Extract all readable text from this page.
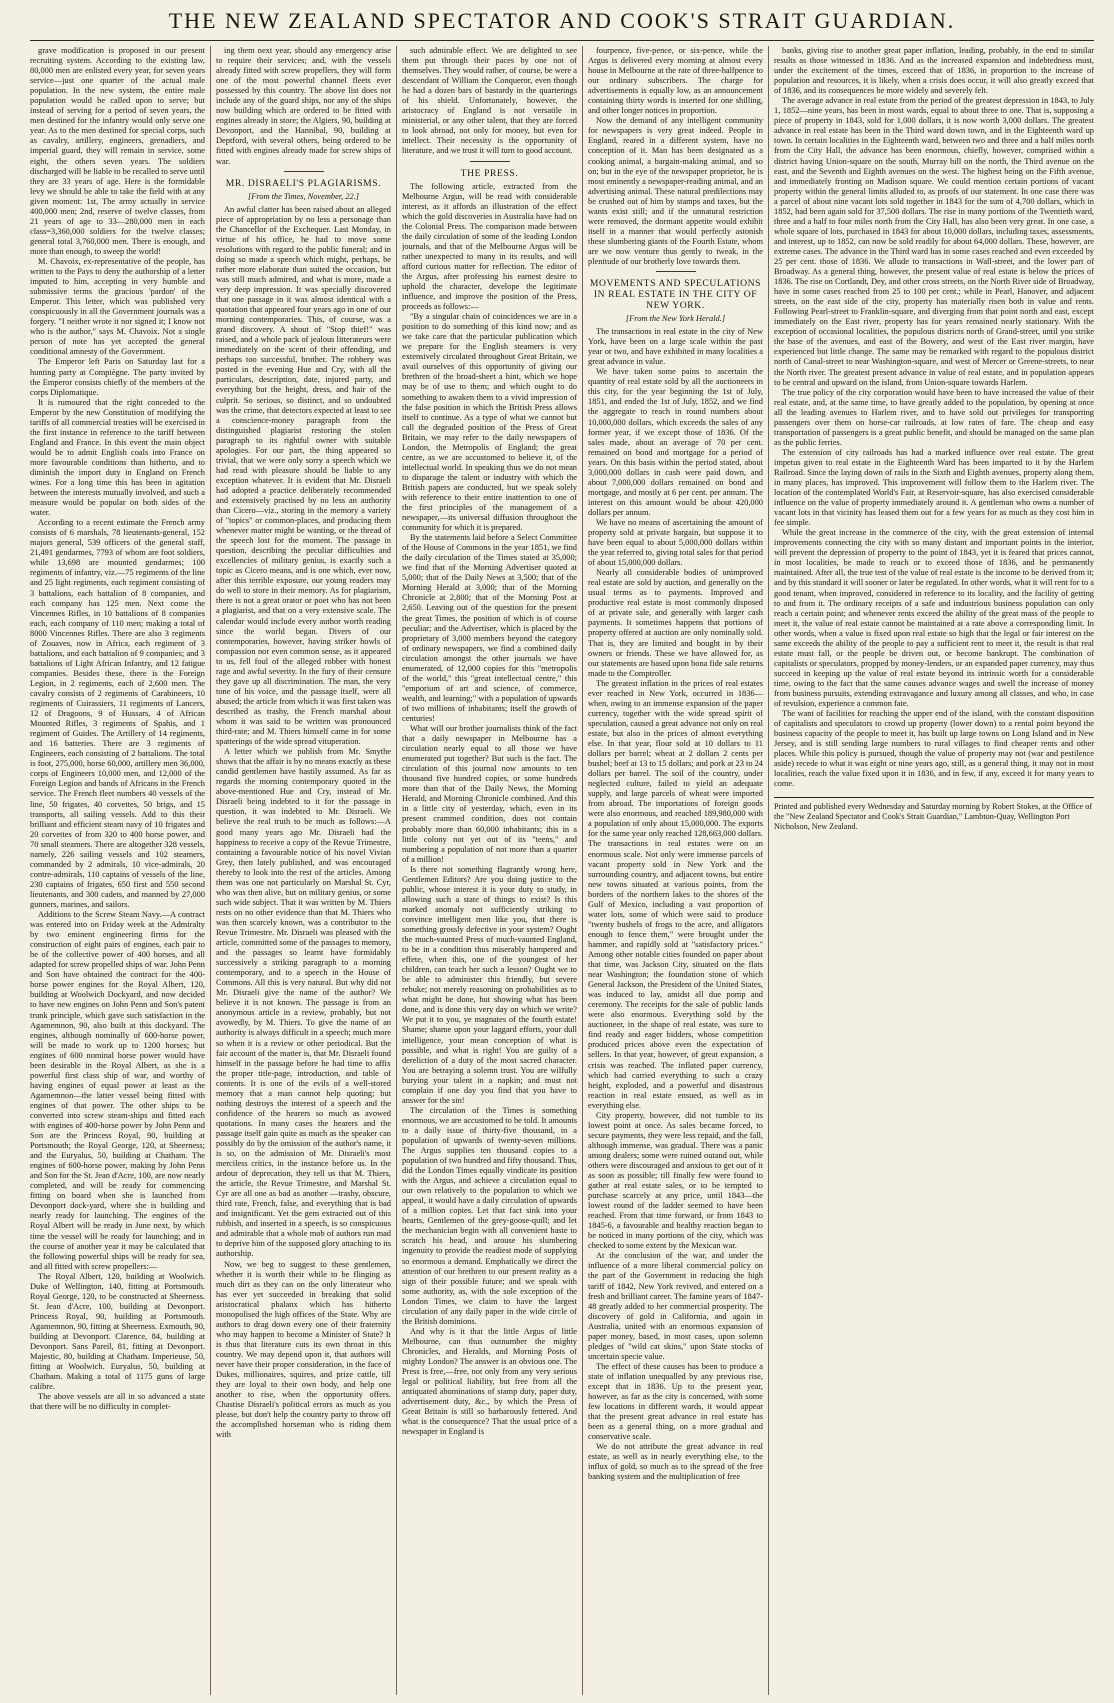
THE NEW ZEALAND SPECTATOR AND COOK'S STRAIT GUARDIAN.

grave modification is proposed in our present recruiting system. According to the existing law, 80,000 men are enlisted every year, for seven years service—just one quarter of the actual male population. In the new system, the entire male population would be called upon to serve; but instead of serving for a period of seven years, the men destined for the infantry would only serve one year. As to the men destined for special corps, such as cavalry, artillery, engineers, grenadiers, and imperial guard, they will remain in service, some eight, the others seven years. The soldiers discharged will be liable to be recalled to serve until they are 33 years of age. Here is the formidable levy we should be able to take the field with at any given moment: 1st, The army actually in service 400,000 men; 2nd, reserve of twelve classes, from 21 years of age to 33—280,000 men in each class=3,360,000 soldiers for the twelve classes; general total 3,760,000 men. There is enough, and more than enough, to sweep the world!

M. Chavoix, ex-representative of the people, has written to the Pays to deny the authorship of a letter imputed to him, accepting in very humble and submissive terms the gracious 'pardon' of the Emperor. This letter, which was published very conspicuously in all the Government journals was a forgery. "I neither wrote it nor signed it; I know not who is the author," says M. Chavoix. Not a single person of note has yet accepted the general conditional amnesty of the Government.

The Emperor left Paris on Saturday last for a hunting party at Compiègne. The party invited by the Emperor consists chiefly of the members of the corps Diplomatique.

It is rumoured that the right conceded to the Emperor by the new Constitution of modifying the tariffs of all commercial treaties will be exercised in the first instance in reference to the tariff between England and France. In this event the main object would be to admit English coals into France on more favourable conditions than hitherto, and to diminish the import duty in England on French wines. For a long time this has been in agitation between the interests mutually involved, and such a measure would be popular on both sides of the water.

According to a recent estimate the French army consists of 6 marshals, 78 lieutenants-general, 152 majors general, 539 officers of the general staff, 21,491 gendarmes, 7793 of whom are foot soldiers, while 13,698 are mounted gendarmes; 100 regiments of infantry, viz.—75 regiments of the line and 25 light regiments, each regiment consisting of 3 battalions, each battalion of 8 companies, and each company has 125 men. Next come the Vincennes Rifles, in 10 battalions of 8 companies each, each company of 110 men; making a total of 8000 Vincennes Rifles. There are also 3 regiments of Zouaves, now in Africa, each regiment of 3 battalions, and each battalion of 9 companies; and 3 battalions of Light African Infantry, and 12 fatigue companies. Besides these, there is the Foreign Legion, in 2 regiments, each of 2,600 men. The cavalry consists of 2 regiments of Carabineers, 10 regiments of Cuirassiers, 11 regiments of Lancers, 12 of Dragoons, 9 of Hussars, 4 of African Mounted Rifles, 3 regiments of Spahis, and 1 regiment of Guides. The Artillery of 14 regiments, and 16 batteries. There are 3 regiments of Engineers, each consisting of 2 battalions. The total is foot, 275,000, horse 60,000, artillery men 36,000, corps of Engineers 10,000 men, and 12,000 of the Foreign Legion and bands of Africans in the French service. The French fleet numbers 40 vessels of the line, 50 frigates, 40 corvettes, 50 brigs, and 15 transports, all sailing vessels. Add to this their brilliant and efficient steam navy of 10 frigates and 20 corvettes of from 320 to 400 horse power, and 70 small steamers. There are altogether 328 vessels, namely, 226 sailing vessels and 102 steamers, commanded by 2 admirals, 10 vice-admirals, 20 contre-admirals, 110 captains of vessels of the line, 230 captains of frigates, 650 first and 550 second lieutenants, and 300 cadets, and manned by 27,000 gunners, marines, and sailors.

Additions to the Screw Steam Navy.—A contract was entered into on Friday week at the Admiralty by two eminent engineering firms for the construction of eight pairs of engines, each pair to be of the collective power of 400 horses, and all adapted for screw propelled ships of war. John Penn and Son have obtained the contract for the 400-horse power engines for the Royal Albert, 120, building at Woolwich Dockyard, and now decided to have new engines on John Penn and Son's patent trunk principle, which gave such satisfaction in the Agamemnon, 90, also built at this dockyard. The engines, although nominally of 600-horse power, will be made to work up to 1200 horses; but engines of 600 nominal horse power would have been desirable in the Royal Albert, as she is a powerful first class ship of war, and worthy of having engines of equal power at least as the Agamemnon—the latter vessel being fitted with engines of that power. The other ships to be converted into screw steam-ships and fitted each with engines of 400-horse power by John Penn and Son are the Princess Royal, 90, building at Portsmouth; the Royal George, 120, at Sheerness; and the Euryalus, 50, building at Chatham. The engines of 600-horse power, making by John Penn and Son for the St. Jean d'Acre, 100, are now nearly completed, and will be ready for commencing fitting on board when she is launched from Devonport dock-yard, where she is building and nearly ready for launching. The engines of the Royal Albert will be ready in June next, by which time the vessel will be ready for launching; and in the course of another year it may be calculated that the following powerful ships will be ready for sea, and all fitted with screw propellers:—

The Royal Albert, 120, building at Woolwich. Duke of Wellington, 140, fitting at Portsmouth. Royal George, 120, to be constructed at Sheerness. St. Jean d'Acre, 100, building at Devonport. Princess Royal, 90, building at Portsmouth. Agamemnon, 90, fitting at Sheerness. Exmouth, 90, building at Devonport. Clarence, 84, building at Devonport. Sans Pareil, 81, fitting at Devonport. Majestic, 80, building at Chatham. Imperieuse, 50, fitting at Woolwich. Euryalus, 50, building at Chatham. Making a total of 1175 guns of large calibre.

The above vessels are all in so advanced a state that there will be no difficulty in complet-

ing them next year, should any emergency arise to require their services; and, with the vessels already fitted with screw propellers, they will form one of the most powerful channel fleets ever possessed by this country. The above list does not include any of the guard ships, nor any of the ships now building which are ordered to be fitted with engines already in store; the Algiers, 90, building at Devonport, and the Hannibal, 90, building at Deptford, with several others, being ordered to be fitted with engines already made for screw ships of war.

MR. DISRAELI'S PLAGIARISMS.

[From the Times, November, 22.]

An awful clatter has been raised about an alleged piece of appropriation by no less a personage than the Chancellor of the Exchequer. Last Monday, in virtue of his office, he had to move some resolutions with regard to the public funeral; and in doing so made a speech which might, perhaps, be rather more elaborate than suited the occasion, but was still much admired, and what is more, made a very deep impression. It was specially discovered that one passage in it was almost identical with a quotation that appeared four years ago in one of our morning contemporaries. This, of course, was a grand discovery. A shout of "Stop thief!" was raised, and a whole pack of jealous litterateurs were immediately on the scent of their offending, and perhaps too successful, brother. The robbery was posted in the evening Hue and Cry, with all the particulars, description, date, injured party, and everything but the height, dress, and hair of the culprit. So serious, so distinct, and so undoubted was the crime, that detectors expected at least to see a conscience-money paragraph from the distinguished plagiarist restoring the stolen paragraph to its rightful owner with suitable apologies. For our part, the thing appeared so trivial, that we were only sorry a speech which we had read with pleasure should be liable to any exception whatever. It is evident that Mr. Disraeli had adopted a practice deliberately recommended and extensively practised by no less an authority than Cicero—viz., storing in the memory a variety of "topics" or common-places, and producing them whenever matter might be wanting, or the thread of the speech lost for the moment. The passage in question, describing the peculiar difficulties and excellencies of military genius, is exactly such a topic as Cicero means, and is one which, ever now, after this terrible exposure, our young readers may do well to store in their memory. As for plagiarism, there is not a great orator or poet who has not been a plagiarist, and that on a very extensive scale. The calendar would include every author worth reading since the world began. Divers of our contemporaries, however, having striker howls of compassion nor even common sense, as it appeared to us, fell foul of the alleged robber with honest rage and awful severity. In the fury of their censure they gave up all discrimination. The man, the very tone of his voice, and the passage itself, were all abused; the article from which it was first taken was described as trashy, the French marshal about whom it was said to be written was pronounced third-rate; and M. Thiers himself came in for some spatterings of the wide spread vituperation.

A letter which we publish from Mr. Smythe shows that the affair is by no means exactly as these candid gentlemen have hastily assumed. As far as regards the morning contemporary quoted in the above-mentioned Hue and Cry, instead of Mr. Disraeli being indebted to it for the passage in question, it was indebted to Mr. Disraeli. We believe the real truth to be much as follows:—A good many years ago Mr. Disraeli had the happiness to receive a copy of the Revue Trimestre, containing a favourable notice of his novel Vivian Grey, then lately published, and was encouraged thereby to look into the rest of the articles. Among them was one not particularly on Marshal St. Cyr, who was then alive, but on military genius, or some such wide subject. That it was written by M. Thiers rests on no other evidence than that M. Thiers who was then scarcely known, was a contributor to the Revue Trimestre. Mr. Disraeli was pleased with the article, committed some of the passages to memory, and the passages so learnt have formidably successively a striking paragraph to a morning contemporary, and to a speech in the House of Commons. All this is very natural. But why did not Mr. Disraeli give the name of the author? We believe it is not known. The passage is from an anonymous article in a review, probably, but not avowedly, by M. Thiers. To give the name of an authority is always difficult in a speech; much more so when it is a review or other periodical. But the fair account of the matter is, that Mr. Disraeli found himself in the passage before he had time to affix the proper title-page, introduction, and table of contents. It is one of the evils of a well-stored memory that a man cannot help quoting; but nothing destroys the interest of a speech and the confidence of the hearers so much as avowed quotations. In many cases the hearers and the passage itself gain quite as much as the speaker can possibly do by the omission of the author's name, it is so, on the admission of Mr. Disraeli's most merciless critics, in the instance before us. In the ardour of deprecation, they tell us that M. Thiers, the article, the Revue Trimestre, and Marshal St. Cyr are all one as bad as another —trashy, obscure, third rate, French, false, and everything that is bad and insignificant. Yet the gem extracted out of this rubbish, and inserted in a speech, is so conspicuous and admirable that a whole mob of authors run mad to deprive him of the supposed glory attaching to its authorship.

Now, we beg to suggest to these gentlemen, whether it is worth their while to be flinging as much dirt as they can on the only litterateur who has ever yet succeeded in breaking that solid aristocratical phalanx which has hitherto monopolised the high offices of the State. Why are authors to drag down every one of their fraternity who may happen to become a Minister of State? It is thus that literature cuts its own throat in this country. We may depend upon it, that authors will never have their proper consideration, in the face of Dukes, millionaires, squires, and prize cattle, till they are loyal to their own body, and help one another to rise, when the opportunity offers. Chastise Disraeli's political errors as much as you please, but don't help the country party to throw off the accomplished horseman who is riding them with

such admirable effect. We are delighted to see them put through their paces by one not of themselves. They would rather, of course, be were a descendant of William the Conqueror, even though he had a dozen bars of bastardy in the quarterings of his shield. Unfortunately, however, the aristocracy of England is not versatile in ministerial, or any other talent, that they are forced to look abroad, not only for money, but even for intellect. Their necessity is the opportunity of literature, and we trust it will turn to good account.

THE PRESS.

The following article, extracted from the Melbourne Argus, will be read with considerable interest, as it affords an illustration of the effect which the gold discoveries in Australia have had on the Colonial Press. The comparison made between the daily circulation of some of the leading London journals, and that of the Melbourne Argus will be rather unexpected to many in its results, and will afford curious matter for reflection. The editor of the Argus, after professing his earnest desire to uphold the character, develope the legitimate influence, and improve the position of the Press, proceeds as follows:—

"By a singular chain of coincidences we are in a position to do something of this kind now; and as we take care that the particular publication which we prepare for the English steamers is very extensively circulated throughout Great Britain, we avail ourselves of this opportunity of giving our brethren of the broad-sheet a hint, which we hope may be of use to them; and which ought to do something to awaken them to a vivid impression of the false position in which the British Press allows itself to continue. As a type of what we cannot but call the degraded position of the Press of Great Britain, we may refer to the daily newspapers of London, the Metropolis of England; the great centre, as we are accustomed to believe it, of the intellectual world. In speaking thus we do not mean to disparage the talent or industry with which the British papers are conducted, but we speak solely with reference to their entire inattention to one of the first principles of the management of a newspaper,—its universal diffusion throughout the community for which it is prepared.

By the statements laid before a Select Committee of the House of Commons in the year 1851, we find the daily circulation of the Times stated at 35,000; we find that of the Morning Advertiser quoted at 5,000; that of the Daily News at 3,500; that of the Morning Herald at 3,000; that of the Morning Chronicle at 2,800; that of the Morning Post at 2,650. Leaving out of the question for the present the great Times, the position of which is of course peculiar; and the Advertiser, which is placed by the proprietary of 3,000 members beyond the category of ordinary newspapers, we find a combined daily circulation amongst the other journals we have enumerated, of 12,000 copies for this "metropolis of the world," this "great intellectual centre," this "emporium of art and science, of commerce, wealth, and learning;" with a population of upwards of two millions of inhabitants; itself the growth of centuries!

What will our brother journalists think of the fact that a daily newspaper in Melbourne has a circulation nearly equal to all those we have enumerated put together? But such is the fact. The circulation of this journal now amounts to ten thousand five hundred copies, or some hundreds more than that of the Daily News, the Morning Herald, and Morning Chronicle combined. And this in a little city of yesterday, which, even in its present crammed condition, does not contain probably more than 60,000 inhabitants; this in a little colony not yet out of its "teens," and numbering a population of not more than a quarter of a million!

Is there not something flagrantly wrong here, Gentlemen Editors? Are you doing justice to the public, whose interest it is your duty to study, in allowing such a state of things to exist? Is this marked anomaly not sufficiently striking to convince intelligent men like you, that there is something grossly defective in your system? Ought the much-vaunted Press of much-vaunted England, to be in a condition thus miserably hampered and effete, when this, one of the youngest of her children, can teach her such a lesson? Ought we to be able to administer this friendly, but severe rebuke; not merely reasoning on probabilities as to what might be done, but showing what has been done, and is done this very day on which we write? We put it to you, ye magnates of the fourth estate! Shame; shame upon your laggard efforts, your dull intelligence, your mean conception of what is possible, and what is right! You are guilty of a dereliction of a duty of the most sacred character. You are betraying a solemn trust. You are wilfully burying your talent in a napkin; and must not complain if one day you find that you have to answer for the sin!

The circulation of the Times is something enormous, we are accustomed to be told. It amounts to a daily issue of thirty-five thousand, in a population of upwards of twenty-seven millions. The Argus supplies ten thousand copies to a population of two hundred and fifty thousand. Thus, did the London Times equally vindicate its position with the Argus, and achieve a circulation equal to our own relatively to the population to which we appeal, it would have a daily circulation of upwards of a million copies. Let that fact sink into your hearts, Gentlemen of the grey-goose-quill; and let the mechanician begin with all convenient haste to scratch his head, and arouse his slumbering ingenuity to provide the readiest mode of supplying so enormous a demand. Emphatically we direct the attention of our brethren to our present reality as a sign of their possible future; and we speak with some authority, as, with the sole exception of the London Times, we claim to have the largest circulation of any daily paper in the wide circle of the British dominions.

And why is it that the little Argus of little Melbourne, can thus outnumber the mighty Chronicles, and Heralds, and Morning Posts of mighty London? The answer is an obvious one. The Press is free,—free, not only from any very serious legal or political liability, but free from all the antiquated abominations of stamp duty, paper duty, advertisement duty, &c., by which the Press of Great Britain is still so barbarously fettered. And what is the consequence? That the usual price of a newspaper in England is

fourpence, five-pence, or six-pence, while the Argus is delivered every morning at almost every house in Melbourne at the rate of three-halfpence to our ordinary subscribers. The charge for advertisements is equally low, as an announcement containing thirty words is inserted for one shilling, and other longer notices in proportion.

Now the demand of any intelligent community for newspapers is very great indeed. People in England, reared in a different system, have no conception of it. Man has been designated as a cooking animal, a bargain-making animal, and so on; but in the eye of the newspaper proprietor, he is most eminently a newspaper-reading animal, and an advertising animal. These natural predilections may be crushed out of him by stamps and taxes, but the wants exist still; and if the unnatural restriction were removed, the dormant appetite would exhibit itself in a manner that would perfectly astonish these slumbering giants of the Fourth Estate, whom are we now venture thus gently to tweak, in the plenitude of our brotherly love towards them.

MOVEMENTS AND SPECULATIONS IN REAL ESTATE IN THE CITY OF NEW YORK.

[From the New York Herald.]

The transactions in real estate in the city of New York, have been on a large scale within the past year or two, and have exhibited in many localities a great advance in value.

We have taken some pains to ascertain the quantity of real estate sold by all the auctioneers in this city, for the year beginning the 1st of July, 1851, and ended the 1st of July, 1852, and we find the aggregate to reach in round numbers about 10,000,000 dollars, which exceeds the sales of any former year, if we except those of 1836. Of the sales made, about an average of 70 per cent. remained on bond and mortgage for a period of years. On this basis within the period stated, about 3,000,000 dollars in cash were paid down, and about 7,000,000 dollars remained on bond and mortgage, and mostly at 6 per cent. per annum. The interest on this amount would be about 420,000 dollars per annum.

We have no means of ascertaining the amount of property sold at private bargain, but suppose it to have been equal to about 5,000,000 dollars within the year referred to, giving total sales for that period of about 15,000,000 dollars.

Nearly all considerable bodies of unimproved real estate are sold by auction, and generally on the usual terms as to payments. Improved and productive real estate is most commonly disposed of at private sale, and generally with larger cash payments. It sometimes happens that portions of property offered at auction are only nominally sold. That is, they are limited and bought in by their owners or friends. These we have allowed for, as our statements are based upon bona fide sale returns made to the Comptroller.

The greatest inflation in the prices of real estates ever reached in New York, occurred in 1836—when, owing to an immense expansion of the paper currency, together with the wide spread spirit of speculation, caused a great advance not only on real estate, but also in the prices of almost everything else. In that year, flour sold at 10 dollars to 11 dollars per barrel; wheat at 2 dollars 2 cents per bushel; beef at 13 to 15 dollars; and pork at 23 to 24 dollars per barrel. The soil of the country, under neglected culture, failed to yield an adequate supply, and large parcels of wheat were imported from abroad. The importations of foreign goods were also enormous, and reached 189,980,000 with a population of only about 15,000,000. The exports for the same year only reached 128,663,000 dollars. The transactions in real estates were on an enormous scale. Not only were immense parcels of vacant property sold in New York and the surrounding country, and adjacent towns, but entire new towns situated at various points, from the borders of the northern lakes to the shores of the Gulf of Mexico, including a vast proportion of water lots, some of which were said to produce "twenty bushels of frogs to the acre, and alligators enough to fence them," were brought under the hammer, and rapidly sold at "satisfactory prices." Among other notable cities founded on paper about that time, was Jackson City, situated on the flats near Washington; the foundation stone of which General Jackson, the President of the United States, was induced to lay, amidst all due pomp and ceremony. The receipts for the sale of public lands were also enormous. Everything sold by the auctioneer, in the shape of real estate, was sure to find ready and eager bidders, whose competition produced prices above even the expectation of sellers. In that year, however, of great expansion, a crisis was reached. The inflated paper currency, which had carried everything to such a crazy height, exploded, and a powerful and disastrous reaction in real estate ensued, as well as in everything else.

City property, however, did not tumble to its lowest point at once. As sales became forced, to secure payments, they were less repaid, and the fall, although immense, was gradual. There was a panic among dealers; some were ruined outand out, while others were discouraged and anxious to get out of it as soon as possible; till finally few were found to gather at real estate sales, or to be tempted to purchase scarcely at any price, until 1843—the lowest round of the ladder seemed to have been reached. From that time forward, or from 1843 to 1845-6, a favourable and healthy reaction began to be noticed in many portions of the city, which was checked to some extent by the Mexican war.

At the conclusion of the war, and under the influence of a more liberal commercial policy on the part of the Government in reducing the high tariff of 1842, New York revived, and entered on a fresh and brilliant career. The famine years of 1847-48 greatly added to her commercial prosperity. The discovery of gold in California, and again in Australia, united with an enormous expansion of paper money, based, in most cases, upon solemn pledges of "wild cat skins," upon State stocks of uncertain specie value.

The effect of these causes has been to produce a state of inflation unequalled by any previous rise, except that in 1836. Up to the present year, however, as far as the city is concerned, with some few locations in different wards, it would appear that the present great advance in real estate has been as a general thing, on a more gradual and conservative scale.

We do not attribute the great advance in real estate, as well as in nearly everything else, to the influx of gold, so much as to the spread of the free banking system and the multiplication of free

banks, giving rise to another great paper inflation, leading, probably, in the end to similar results as those witnessed in 1836. And as the increased expansion and indebtedness must, under the excitement of the times, exceed that of 1836, in proportion to the increase of population and resources, it is likely, when a crisis does occur, it will also greatly exceed that of 1836, and its consequences be more widely and severely felt.

The average advance in real estate from the period of the greatest depression in 1843, to July 1, 1852—nine years, has been in most wards, equal to about three to one. That is, supposing a piece of property in 1843, sold for 1,000 dollars, it is now worth 3,000 dollars. The greatest advance in real estate has been in the Third ward down town, and in the Eighteenth ward up town. In certain localities in the Eighteenth ward, between two and three and a half miles north from the City Hall, the advance has been enormous, chiefly, however, comprised within a district having Union-square on the south, Murray hill on the north, the Third avenue on the east, and the Seventh and Eighth avenues on the west. The highest being on the Fifth avenue, and immediately fronting on Madison square. We could mention certain portions of vacant property within the general limits alluded to, as proofs of our statement. In one case there was a parcel of about nine vacant lots sold together in 1843 for the sum of 4,700 dollars, which in 1852, had been again sold for 37,500 dollars. The rise in many portions of the Twentieth ward, three and a half to four miles north from the City Hall, has also been very great. In one case, a whole square of lots, purchased in 1843 for about 10,000 dollars, including taxes, assessments, and interest, up to 1852, can now be sold readily for about 64,000 dollars. These, however, are extreme cases. The advance in the Third ward has in some cases reached and even exceeded by 25 per cent. those of 1836. We allude to transactions in Wall-street, and the lower part of Broadway. As a general thing, however, the present value of real estate is below the prices of 1836. The rise on Cortlandt, Dey, and other cross streets, on the North River side of Broadway, have in some cases reached from 25 to 100 per cent.; while in Pearl, Hanover, and adjacent streets, on the east side of the city, property has materially risen both in value and rents. Following Pearl-street to Franklin-square, and diverging from that point north and east, except immediately on the East river, property has for years remained nearly stationary. With the exception of occasional localities, the populous districts north of Grand-street, until you strike the base of the avenues, and east of the Bowery, and west of the East river margin, have experienced but little change. The same may be remarked with regard to the populous district north of Canal-street to near Washington-square, and west of Mercer or Greene-streets, to near the North river. The greatest present advance in value of real estate, and in population appears to be central and upward on the island, from Union-square towards Harlem.

The true policy of the city corporation would have been to have increased the value of their real estate, and, at the same time, to have greatly added to the population, by opening at once all the leading avenues to Harlem river, and to have sold out privileges for transporting passengers over them on horse-car railroads, at low rates of fare. The cheap and easy transportation of passengers is a great public benefit, and should be managed on the same plan as the public ferries.

The extension of city railroads has had a marked influence over real estate. The great impetus given to real estate in the Eighteenth Ward has been imparted to it by the Harlem Railroad. Since the laying down of rails in the Sixth and Eighth avenues, property along them, in many places, has improved. This improvement will follow them to the Harlem river. The location of the contemplated World's Fair, at Reservoir-square, has also exercised considerable influence on the value of property immediately around it. A gentleman who owns a number of vacant lots in that vicinity has leased them out for a few years for as much as they cost him in fee simple.

While the great increase in the commerce of the city, with the great extension of internal improvements connecting the city with so many distant and important points in the interior, will prevent the depression of property to the point of 1843, yet it is feared that prices cannot, in most localities, be made to reach or to exceed those of 1836, and be permanently maintained. After all, the true test of the value of real estate is the income to be derived from it; and by this standard it will sooner or later be regulated. In other words, what it will rent for to a good tenant, when improved, considered in reference to its locality, and the facility of getting to and from it. The ordinary receipts of a safe and industrious business population can only reach a certain point; and whenever rents exceed the ability of the great mass of the people to meet it, the value of real estate cannot be maintained at a rate above a corresponding limit. In other words, when a value is fixed upon real estate so high that the legal or fair interest on the same exceeds the ability of the people to pay a sufficient rent to meet it, the result is that real estate must fall, or the people be driven out, or become bankrupt. The combination of capitalists or speculators, propped by money-lenders, or an expanded paper currency, may thus succeed in keeping up the value of real estate beyond its intrinsic worth for a considerable time, owing to the fact that the same causes advance wages and swell the increase of money from business pursuits, extending extravagance and luxury among all classes, and who, in case of revulsion, experience a common fate.

The want of facilities for reaching the upper end of the island, with the constant disposition of capitalists and speculators to crowd up property (lower down) to a rental point beyond the business capacity of the people to meet it, has built up large towns on Long Island and in New Jersey, and is still sending large numbers to rural villages to find cheaper rents and other places. While this policy is pursued, though the value of property may not (war and pestilence aside) recede to what it was eight or nine years ago, still, as a general thing, it may not in most localities, reach the value fixed upon it in 1836, and in few, if any, exceed it for many years to come.

Printed and published every Wednesday and Saturday morning by Robert Stokes, at the Office of the "New Zealand Spectator and Cook's Strait Guardian," Lambton-Quay, Wellington Port Nicholson, New Zealand.
